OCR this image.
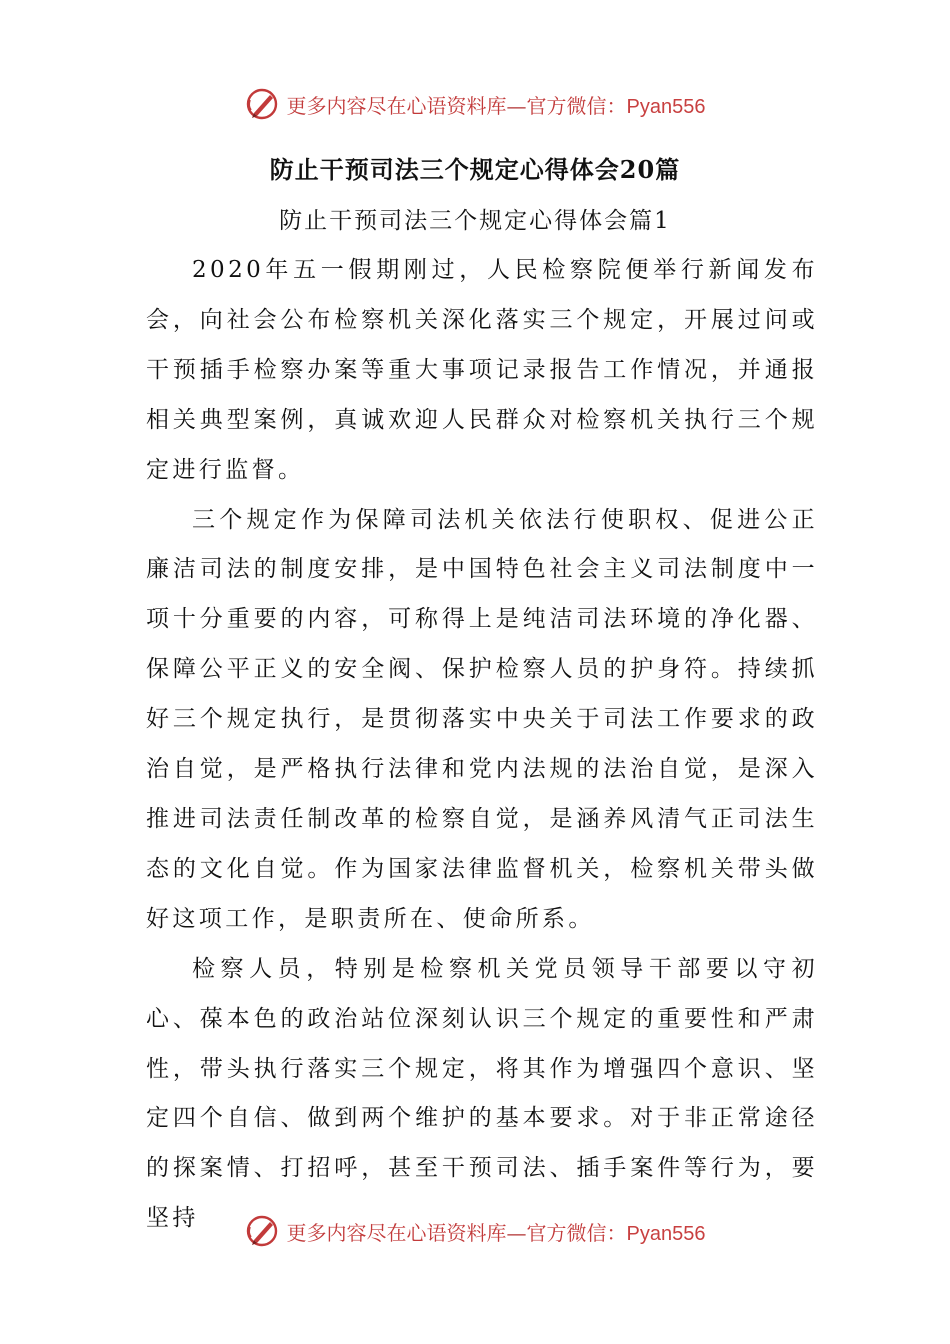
更多内容尽在心语资料库—官方微信：Pyan556
防止干预司法三个规定心得体会20篇
防止干预司法三个规定心得体会篇1

2020年五一假期刚过，人民检察院便举行新闻发布会，向社会公布检察机关深化落实三个规定，开展过问或干预插手检察办案等重大事项记录报告工作情况，并通报相关典型案例，真诚欢迎人民群众对检察机关执行三个规定进行监督。

三个规定作为保障司法机关依法行使职权、促进公正廉洁司法的制度安排，是中国特色社会主义司法制度中一项十分重要的内容，可称得上是纯洁司法环境的净化器、保障公平正义的安全阀、保护检察人员的护身符。持续抓好三个规定执行，是贯彻落实中央关于司法工作要求的政治自觉，是严格执行法律和党内法规的法治自觉，是深入推进司法责任制改革的检察自觉，是涵养风清气正司法生态的文化自觉。作为国家法律监督机关，检察机关带头做好这项工作，是职责所在、使命所系。

检察人员，特别是检察机关党员领导干部要以守初心、葆本色的政治站位深刻认识三个规定的重要性和严肃性，带头执行落实三个规定，将其作为增强四个意识、坚定四个自信、做到两个维护的基本要求。对于非正常途径的探案情、打招呼，甚至干预司法、插手案件等行为，要坚持

更多内容尽在心语资料库—官方微信：Pyan556
